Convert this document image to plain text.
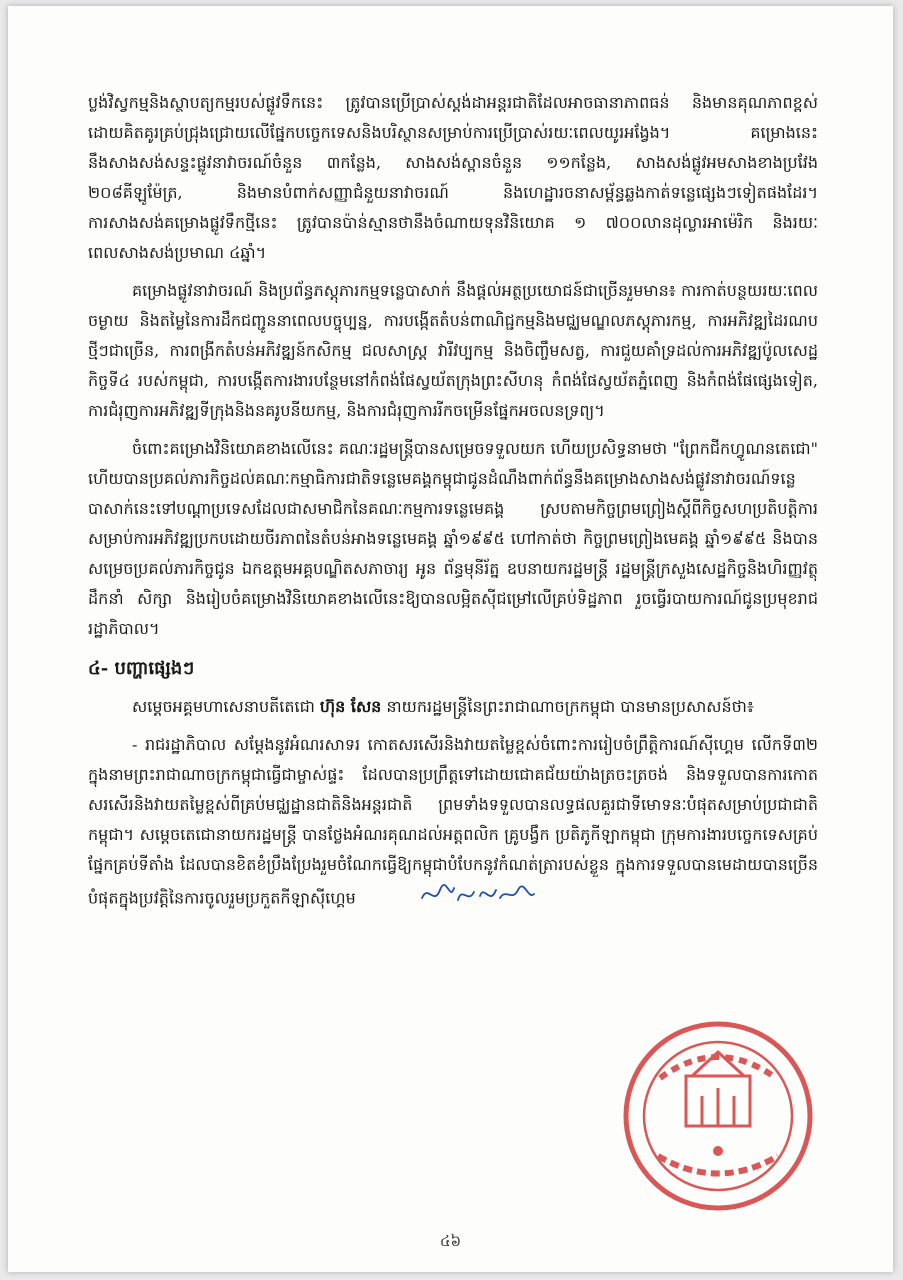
ប្លង់វិស្វកម្មនិងស្ថាបត្យកម្មរបស់ផ្លូវទឹកនេះ ត្រូវបានប្រើប្រាស់ស្តង់ដាអន្តរជាតិដែលអាចធានាភាពធន់ និងមានគុណភាពខ្ពស់ ដោយគិតគូរគ្រប់ជ្រុងជ្រោយលើផ្នែកបច្ចេកទេសនិងបរិស្ថានសម្រាប់ការប្រើប្រាស់រយៈពេលយូរអង្វែង។ គម្រោងនេះ នឹងសាងសង់សន្ទះផ្លូវនាវាចរណ៍ចំនួន ៣កន្លែង, សាងសង់ស្ពានចំនួន ១១កន្លែង, សាងសង់ផ្លូវអមសាងខាងប្រវែង ២០៨គីឡូម៉ែត្រ, និងមានបំពាក់សញ្ញាជំនួយនាវាចរណ៍ និងហេដ្ឋារចនាសម្ព័ន្ធឆ្លងកាត់ទន្លេផ្សេងៗទៀតផងដែរ។ ការសាងសង់គម្រោងផ្លូវទឹកថ្មីនេះ ត្រូវបានប៉ាន់ស្មានថានឹងចំណាយទុនវិនិយោគ ១ ៧០០លានដុល្លារអាម៉េរិក និងរយៈពេលសាងសង់ប្រមាណ ៤ឆ្នាំ។

គម្រោងផ្លូវនាវាចរណ៍ និងប្រព័ន្ធភស្តុភារកម្មទន្លេបាសាក់ នឹងផ្តល់អត្ថប្រយោជន៍ជាច្រើនរួមមាន៖ ការកាត់បន្ថយរយៈពេល ចម្ងាយ និងតម្លៃនៃការដឹកជញ្ជូននាពេលបច្ចុប្បន្ន, ការបង្កើតតំបន់ពាណិជ្ជកម្មនិងមជ្ឈមណ្ឌលភស្តុភារកម្ម, ការអភិវឌ្ឍដៃរណបថ្មីៗជាច្រើន, ការពង្រីកតំបន់អភិវឌ្ឍន៍កសិកម្ម ជលសាស្ត្រ វារីវប្បកម្ម និងចិញ្ចឹមសត្វ, ការជួយគាំទ្រដល់ការអភិវឌ្ឍប៉ូលសេដ្ឋកិច្ចទី៤ របស់កម្ពុជា, ការបង្កើតការងារបន្ថែមនៅកំពង់ផែស្វយ័តក្រុងព្រះសីហនុ កំពង់ផែស្វយ័តភ្នំពេញ និងកំពង់ផែផ្សេងទៀត, ការជំរុញការអភិវឌ្ឍទីក្រុងនិងនគរូបនីយកម្ម, និងការជំរុញការរីកចម្រើនផ្នែកអចលនទ្រព្យ។

ចំពោះគម្រោងវិនិយោគខាងលើនេះ គណៈរដ្ឋមន្ត្រីបានសម្រេចទទួលយក ហើយប្រសិទ្ធនាមថា "ព្រែកជីកហ្វូណនតេជោ" ហើយបានប្រគល់ភារកិច្ចដល់គណៈកម្មាធិការជាតិទន្លេមេគង្គកម្ពុជាជូនដំណឹងពាក់ព័ន្ធនឹងគម្រោងសាងសង់ផ្លូវនាវាចរណ៍ទន្លេបាសាក់នេះទៅបណ្តាប្រទេសដែលជាសមាជិកនៃគណៈកម្មការទន្លេមេគង្គ ស្របតាមកិច្ចព្រមព្រៀងស្តីពីកិច្ចសហប្រតិបត្តិការសម្រាប់ការអភិវឌ្ឍប្រកបដោយចីរភាពនៃតំបន់អាងទន្លេមេគង្គ ឆ្នាំ១៩៩៥ ហៅកាត់ថា កិច្ចព្រមព្រៀងមេគង្គ ឆ្នាំ១៩៩៥ និងបានសម្រេចប្រគល់ភារកិច្ចជូន ឯកឧត្តមអគ្គបណ្ឌិតសភាចារ្យ អូន ព័ន្ធមុនីរ័ត្ន ឧបនាយករដ្ឋមន្ត្រី រដ្ឋមន្ត្រីក្រសួងសេដ្ឋកិច្ចនិងហិរញ្ញវត្ថុ ដឹកនាំ សិក្សា និងរៀបចំគម្រោងវិនិយោគខាងលើនេះឱ្យបានលម្អិតស៊ីជម្រៅលើគ្រប់ទិដ្ឋភាព រួចធ្វើរបាយការណ៍ជូនប្រមុខរាជរដ្ឋាភិបាល។

៤- បញ្ហាផ្សេងៗ

សម្តេចអគ្គមហាសេនាបតីតេជោ ហ៊ុន សែន នាយករដ្ឋមន្ត្រីនៃព្រះរាជាណាចក្រកម្ពុជា បានមានប្រសាសន៍ថា៖

- រាជរដ្ឋាភិបាល សម្តែងនូវអំណរសាទរ កោតសរសើរនិងវាយតម្លៃខ្ពស់ចំពោះការរៀបចំព្រឹត្តិការណ៍ស៊ីហ្គេម លើកទី៣២ ក្នុងនាមព្រះរាជាណាចក្រកម្ពុជាធ្វើជាម្ចាស់ផ្ទះ ដែលបានប្រព្រឹត្តទៅដោយជោគជ័យយ៉ាងត្រចះត្រចង់ និងទទួលបានការកោតសរសើរនិងវាយតម្លៃខ្ពស់ពីគ្រប់មជ្ឈដ្ឋានជាតិនិងអន្តរជាតិ ព្រមទាំងទទួលបានលទ្ធផលគួរជាទីមោទនៈបំផុតសម្រាប់ប្រជាជាតិកម្ពុជា។ សម្តេចតេជោនាយករដ្ឋមន្ត្រី បានថ្លែងអំណរគុណដល់អត្តពលិក គ្រូបង្វឹក ប្រតិភូកីឡាកម្ពុជា ក្រុមការងារបច្ចេកទេសគ្រប់ផ្នែកគ្រប់ទីតាំង ដែលបានខិតខំប្រឹងប្រែងរួមចំណែកធ្វើឱ្យកម្ពុជាបំបែកនូវកំណត់ត្រារបស់ខ្លួន ក្នុងការទទួលបានមេដាយបានច្រើនបំផុតក្នុងប្រវត្តិនៃការចូលរួមប្រកួតកីឡាស៊ីហ្គេម

៤៦
